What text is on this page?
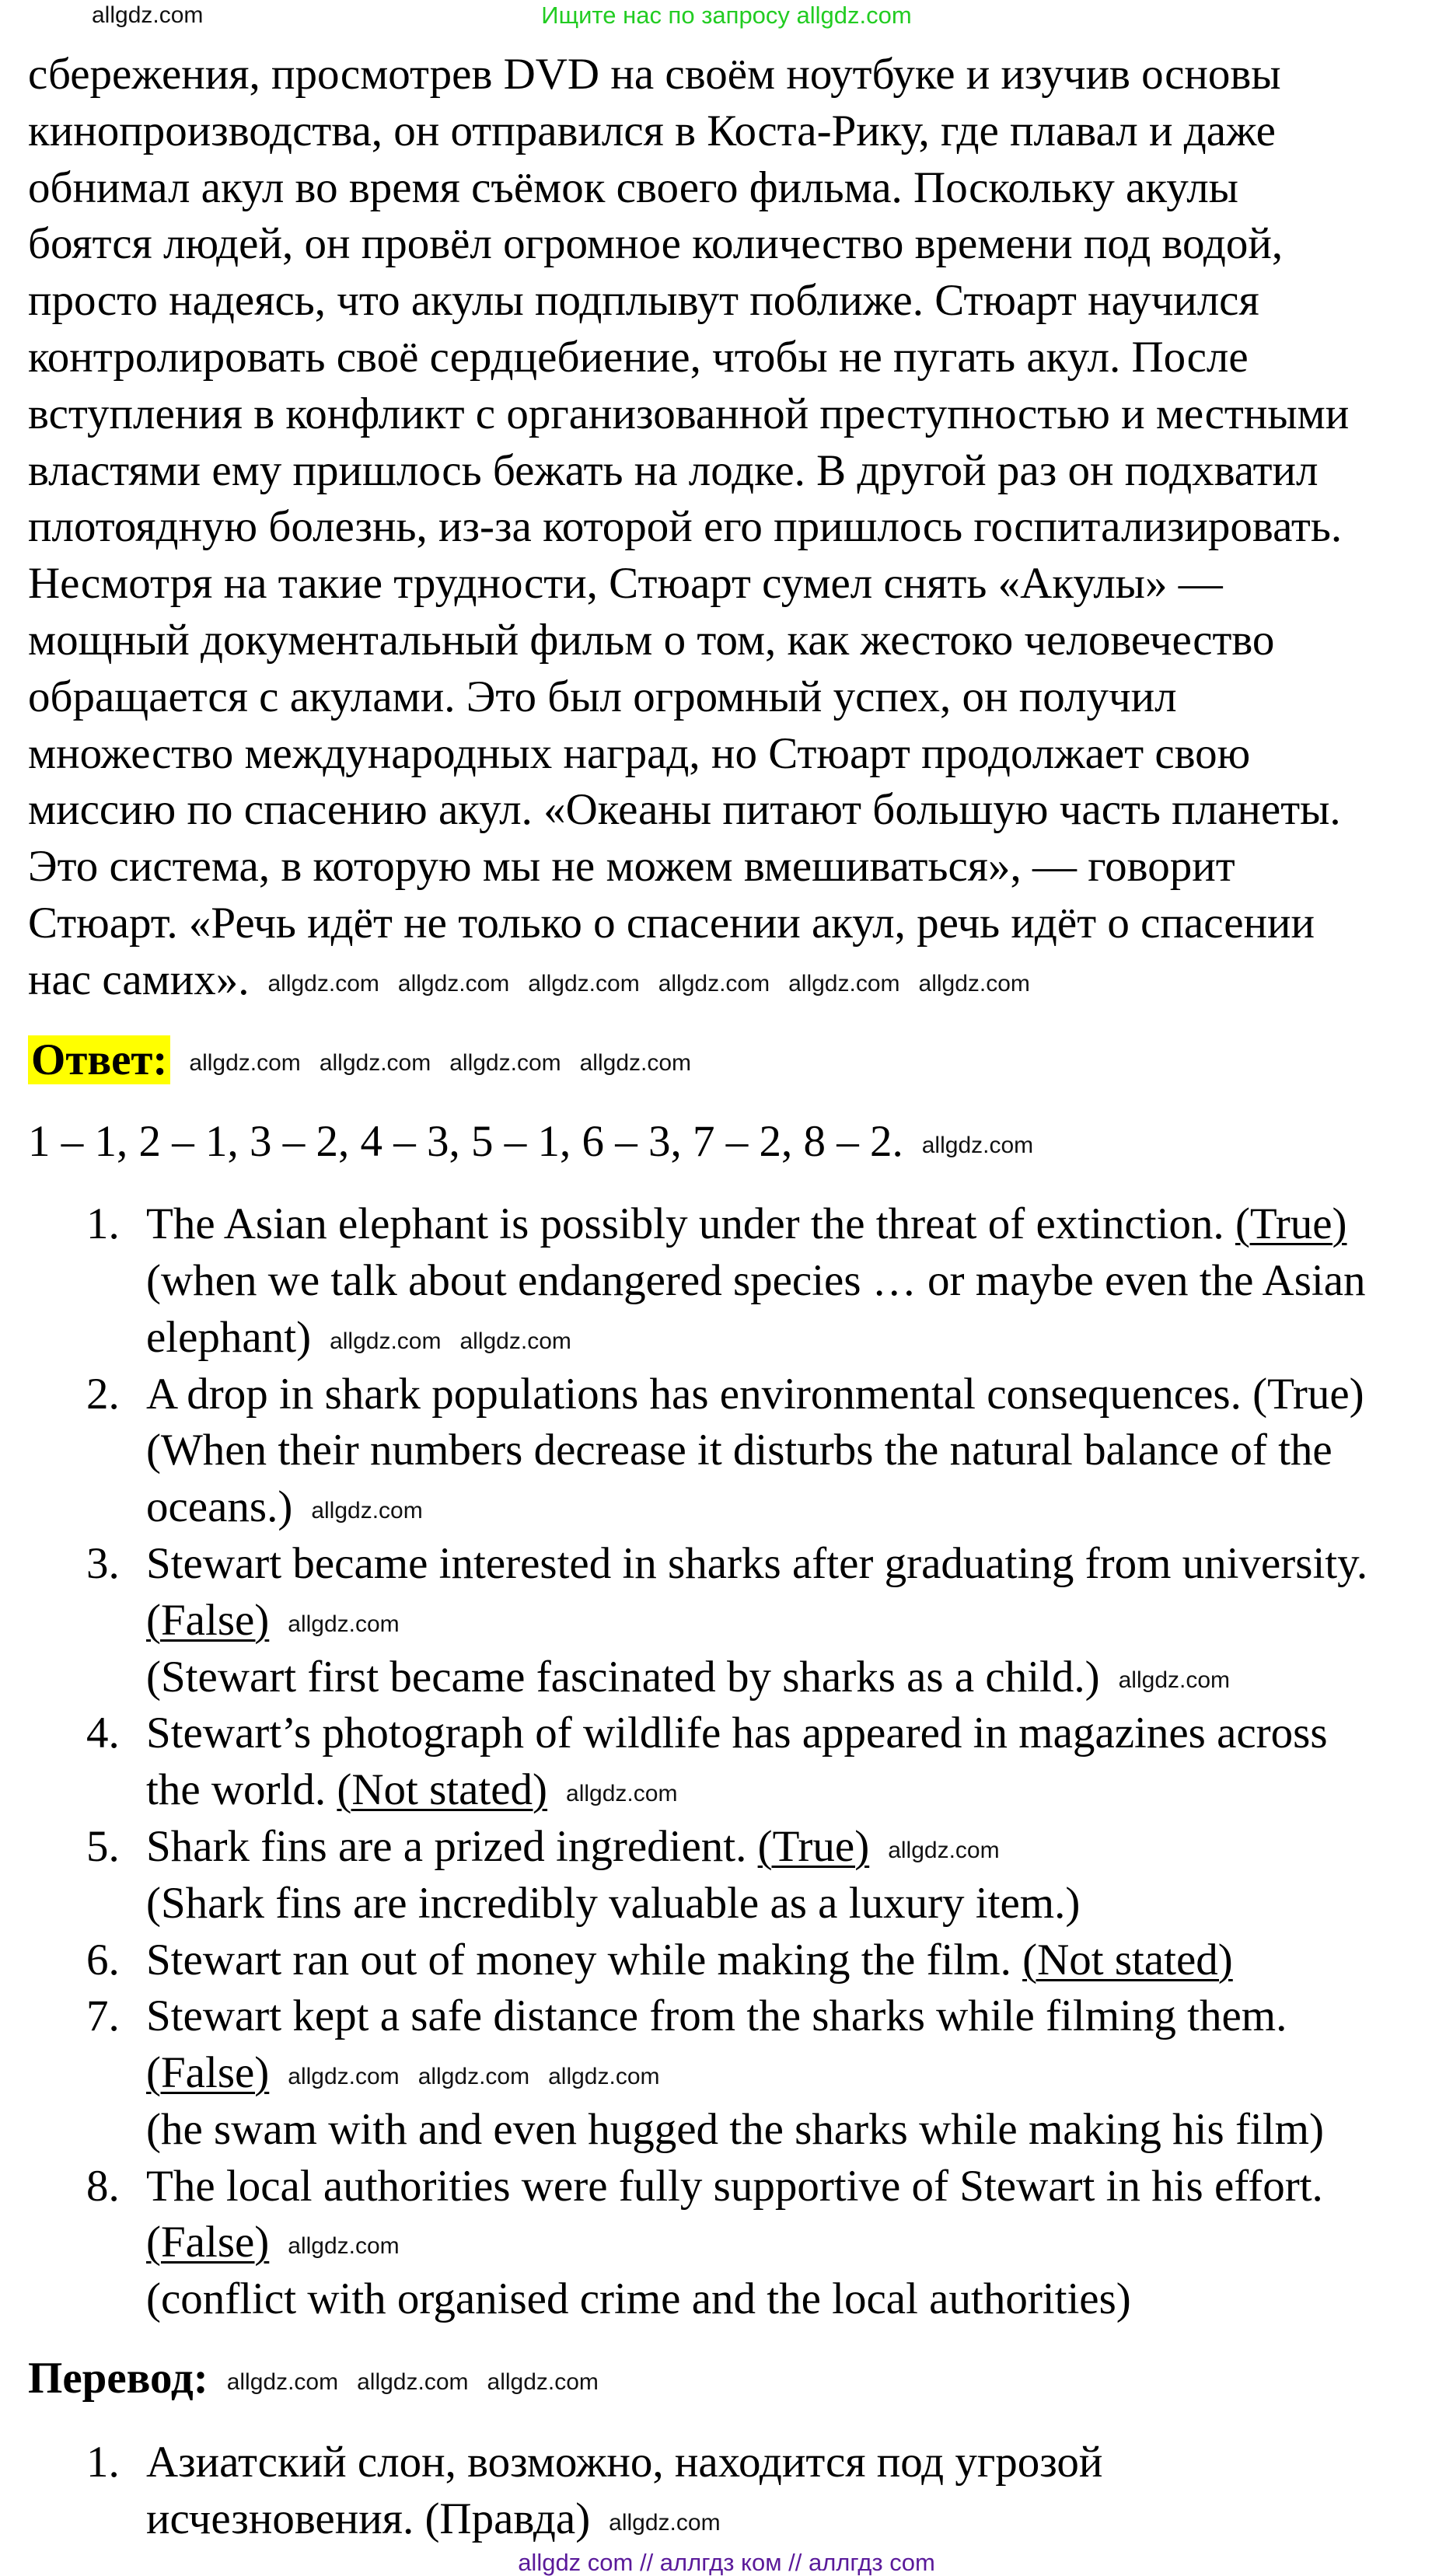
Ищите нас по запросу allgdz.com
сбережения, просмотрев DVD на своём ноутбуке и изучив основы
кинопроизводства, он отправился в Коста-Рику, где плавал и даже
обнимал акул во время съёмок своего фильма. Поскольку акулы
боятся людей, он провёл огромное количество времени под водой,
просто надеясь, что акулы подплывут поближе. Стюарт научился
контролировать своё сердцебиение, чтобы не пугать акул. После
вступления в конфликт с организованной преступностью и местными
властями ему пришлось бежать на лодке. В другой раз он подхватил
плотоядную болезнь, из-за которой его пришлось госпитализировать.
Несмотря на такие трудности, Стюарт сумел снять «Акулы» —
мощный документальный фильм о том, как жестоко человечество
обращается с акулами. Это был огромный успех, он получил
множество международных наград, но Стюарт продолжает свою
миссию по спасению акул. «Океаны питают большую часть планеты.
Это система, в которую мы не можем вмешиваться», — говорит
Стюарт. «Речь идёт не только о спасении акул, речь идёт о спасении
нас самих». allgdz.com allgdz.com allgdz.com allgdz.com allgdz.com allgdz.com
Ответ: allgdz.com allgdz.com allgdz.com allgdz.com
1 – 1, 2 – 1, 3 – 2, 4 – 3, 5 – 1, 6 – 3, 7 – 2, 8 – 2. allgdz.com
1. The Asian elephant is possibly under the threat of extinction. (True)
(when we talk about endangered species … or maybe even the Asian
elephant) allgdz.com allgdz.com
2. A drop in shark populations has environmental consequences. (True)
(When their numbers decrease it disturbs the natural balance of the
oceans.) allgdz.com
3. Stewart became interested in sharks after graduating from university.
(False) allgdz.com
(Stewart first became fascinated by sharks as a child.) allgdz.com
4. Stewart’s photograph of wildlife has appeared in magazines across
the world. (Not stated) allgdz.com
5. Shark fins are a prized ingredient. (True) allgdz.com
(Shark fins are incredibly valuable as a luxury item.)
6. Stewart ran out of money while making the film. (Not stated)
7. Stewart kept a safe distance from the sharks while filming them.
(False) allgdz.com allgdz.com allgdz.com
(he swam with and even hugged the sharks while making his film)
8. The local authorities were fully supportive of Stewart in his effort.
(False) allgdz.com
(conflict with organised crime and the local authorities)
Перевод: allgdz.com allgdz.com allgdz.com
1. Азиатский слон, возможно, находится под угрозой
исчезновения. (Правда) allgdz.com
allgdz.com
allgdz com // аллгдз ком // аллгдз com
